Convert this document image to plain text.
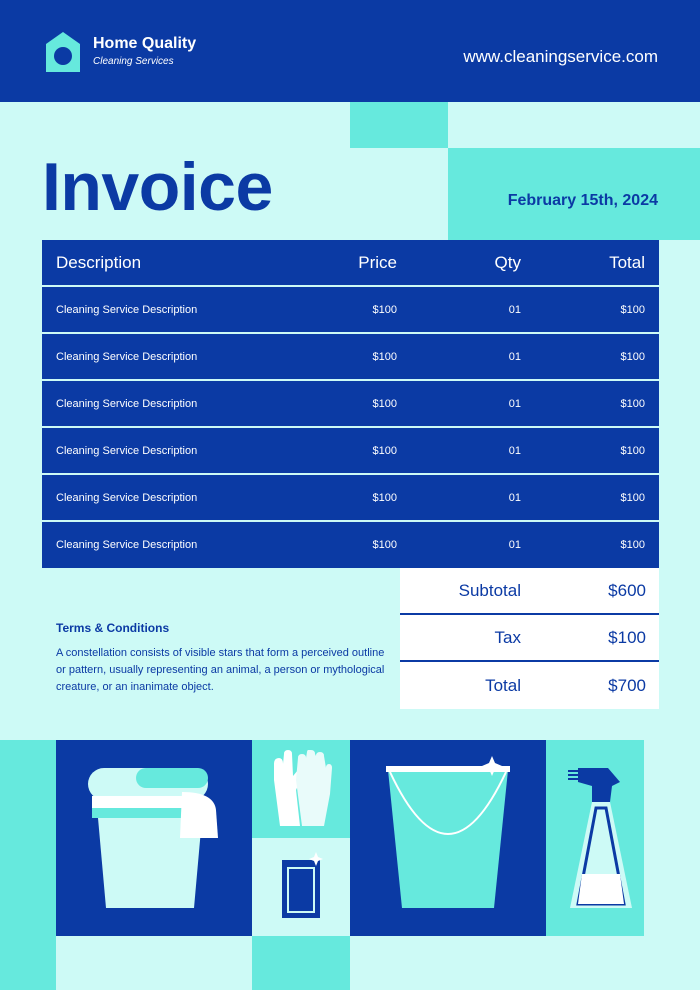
Home Quality
Cleaning Services	www.cleaningservice.com
Invoice	February 15th, 2024
Description	Price	Qty	Total
Cleaning Service Description	$100	01	$100
Cleaning Service Description	$100	01	$100
Cleaning Service Description	$100	01	$100
Cleaning Service Description	$100	01	$100
Cleaning Service Description	$100	01	$100
Cleaning Service Description	$100	01	$100
Subtotal	$600
Tax	$100
Total	$700
Terms & Conditions
A constellation consists of visible stars that form a perceived outline or pattern, usually representing an animal, a person or mythological creature, or an inanimate object.
